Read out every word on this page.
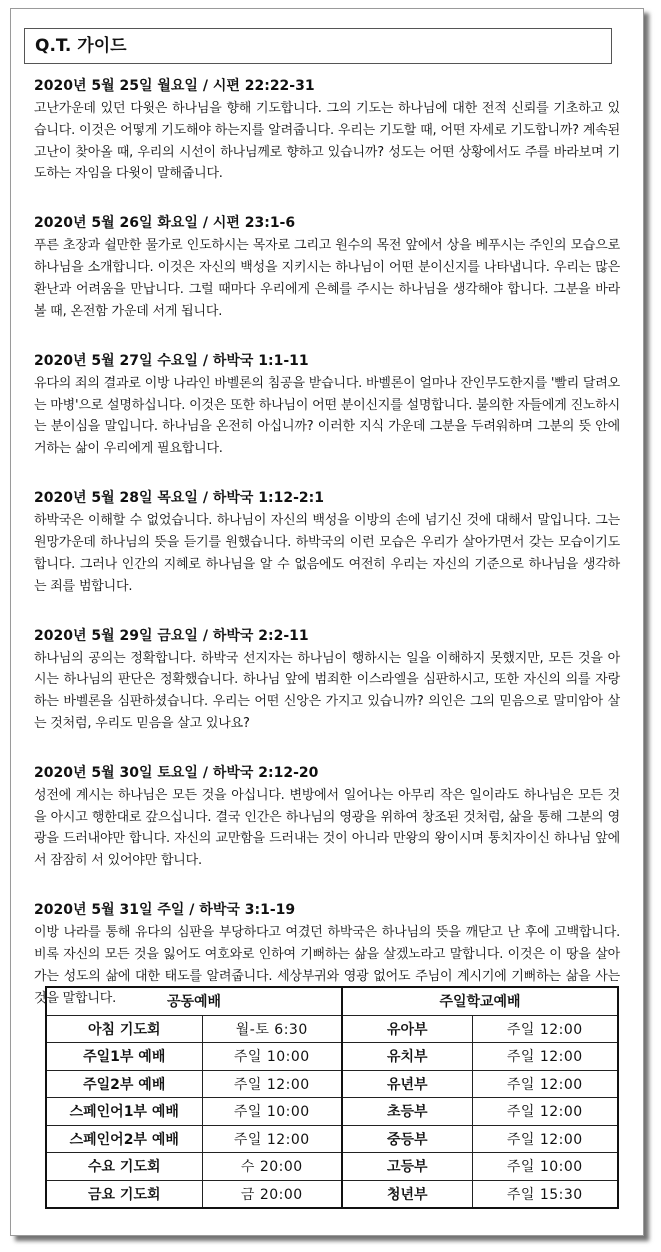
Q.T. 가이드
2020년 5월 25일 월요일 / 시편 22:22-31
고난가운데 있던 다윗은 하나님을 향해 기도합니다. 그의 기도는 하나님에 대한 전적 신뢰를 기초하고 있습니다. 이것은 어떻게 기도해야 하는지를 알려줍니다. 우리는 기도할 때, 어떤 자세로 기도합니까? 계속된 고난이 찾아올 때, 우리의 시선이 하나님께로 향하고 있습니까? 성도는 어떤 상황에서도 주를 바라보며 기도하는 자임을 다윗이 말해줍니다.
2020년 5월 26일 화요일 / 시편 23:1-6
푸른 초장과 쉴만한 물가로 인도하시는 목자로 그리고 원수의 목전 앞에서 상을 베푸시는 주인의 모습으로 하나님을 소개합니다. 이것은 자신의 백성을 지키시는 하나님이 어떤 분이신지를 나타냅니다. 우리는 많은 환난과 어려움을 만납니다. 그럴 때마다 우리에게 은혜를 주시는 하나님을 생각해야 합니다. 그분을 바라볼 때, 온전함 가운데 서게 됩니다.
2020년 5월 27일 수요일 / 하박국 1:1-11
유다의 죄의 결과로 이방 나라인 바벨론의 침공을 받습니다. 바벨론이 얼마나 잔인무도한지를 '빨리 달려오는 마병'으로 설명하십니다. 이것은 또한 하나님이 어떤 분이신지를 설명합니다. 불의한 자들에게 진노하시는 분이심을 말입니다. 하나님을 온전히 아십니까? 이러한 지식 가운데 그분을 두려워하며 그분의 뜻 안에 거하는 삶이 우리에게 필요합니다.
2020년 5월 28일 목요일 / 하박국 1:12-2:1
하박국은 이해할 수 없었습니다. 하나님이 자신의 백성을 이방의 손에 넘기신 것에 대해서 말입니다. 그는 원망가운데 하나님의 뜻을 듣기를 원했습니다. 하박국의 이런 모습은 우리가 살아가면서 갖는 모습이기도 합니다. 그러나 인간의 지혜로 하나님을 알 수 없음에도 여전히 우리는 자신의 기준으로 하나님을 생각하는 죄를 범합니다.
2020년 5월 29일 금요일 / 하박국 2:2-11
하나님의 공의는 정확합니다. 하박국 선지자는 하나님이 행하시는 일을 이해하지 못했지만, 모든 것을 아시는 하나님의 판단은 정확했습니다. 하나님 앞에 범죄한 이스라엘을 심판하시고, 또한 자신의 의를 자랑하는 바벨론을 심판하셨습니다. 우리는 어떤 신앙은 가지고 있습니까? 의인은 그의 믿음으로 말미암아 살는 것처럼, 우리도 믿음을 살고 있나요?
2020년 5월 30일 토요일 / 하박국 2:12-20
성전에 계시는 하나님은 모든 것을 아십니다. 변방에서 일어나는 아무리 작은 일이라도 하나님은 모든 것을 아시고 행한대로 갚으십니다. 결국 인간은 하나님의 영광을 위하여 창조된 것처럼, 삶을 통해 그분의 영광을 드러내야만 합니다. 자신의 교만함을 드러내는 것이 아니라 만왕의 왕이시며 통치자이신 하나님 앞에서 잠잠히 서 있어야만 합니다.
2020년 5월 31일 주일 / 하박국 3:1-19
이방 나라를 통해 유다의 심판을 부당하다고 여겼던 하박국은 하나님의 뜻을 깨닫고 난 후에 고백합니다. 비록 자신의 모든 것을 잃어도 여호와로 인하여 기뻐하는 삶을 살겠노라고 말합니다. 이것은 이 땅을 살아가는 성도의 삶에 대한 태도를 알려줍니다. 세상부귀와 영광 없어도 주님이 계시기에 기뻐하는 삶을 사는 것을 말합니다.	공동예배		주일학교예배	
아침 기도회	월-토 6:30	유아부	주일 12:00
주일1부 예배	주일 10:00	유치부	주일 12:00
주일2부 예배	주일 12:00	유년부	주일 12:00
스페인어1부 예배	주일 10:00	초등부	주일 12:00
스페인어2부 예배	주일 12:00	중등부	주일 12:00
수요 기도회	수 20:00	고등부	주일 10:00
금요 기도회	금 20:00	청년부	주일 15:30
